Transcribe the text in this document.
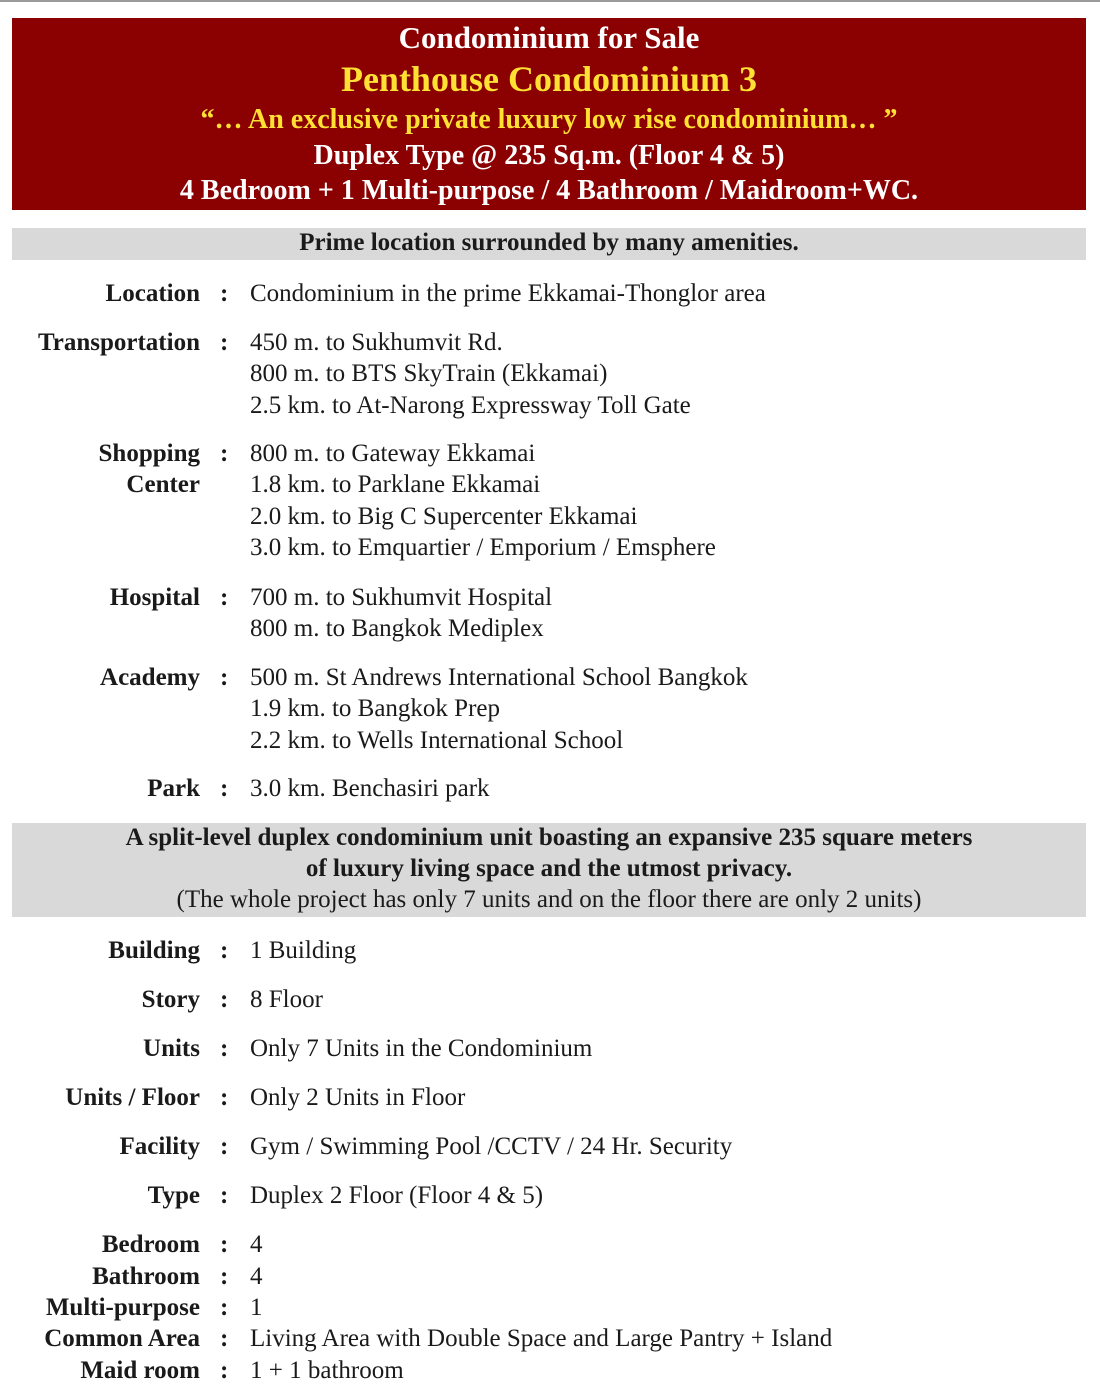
Condominium for Sale
Penthouse Condominium 3
“… An exclusive private luxury low rise condominium… ”
Duplex Type @ 235 Sq.m. (Floor 4 & 5)
4 Bedroom + 1 Multi-purpose / 4 Bathroom / Maidroom+WC.
Prime location surrounded by many amenities.
Location : Condominium in the prime Ekkamai-Thonglor area
Transportation : 450 m. to Sukhumvit Rd.
800 m. to BTS SkyTrain (Ekkamai)
2.5 km. to At-Narong Expressway Toll Gate
Shopping
Center
: 800 m. to Gateway Ekkamai
1.8 km. to Parklane Ekkamai
2.0 km. to Big C Supercenter Ekkamai
3.0 km. to Emquartier / Emporium / Emsphere
Hospital : 700 m. to Sukhumvit Hospital
800 m. to Bangkok Mediplex
Academy : 500 m. St Andrews International School Bangkok
1.9 km. to Bangkok Prep
2.2 km. to Wells International School
Park : 3.0 km. Benchasiri park
A split-level duplex condominium unit boasting an expansive 235 square meters
of luxury living space and the utmost privacy.
(The whole project has only 7 units and on the floor there are only 2 units)
Building : 1 Building
Story : 8 Floor
Units : Only 7 Units in the Condominium
Units / Floor : Only 2 Units in Floor
Facility : Gym / Swimming Pool /CCTV / 24 Hr. Security
Type : Duplex 2 Floor (Floor 4 & 5)
Bedroom : 4
Bathroom : 4
Multi-purpose : 1
Common Area : Living Area with Double Space and Large Pantry + Island
Maid room : 1 + 1 bathroom
